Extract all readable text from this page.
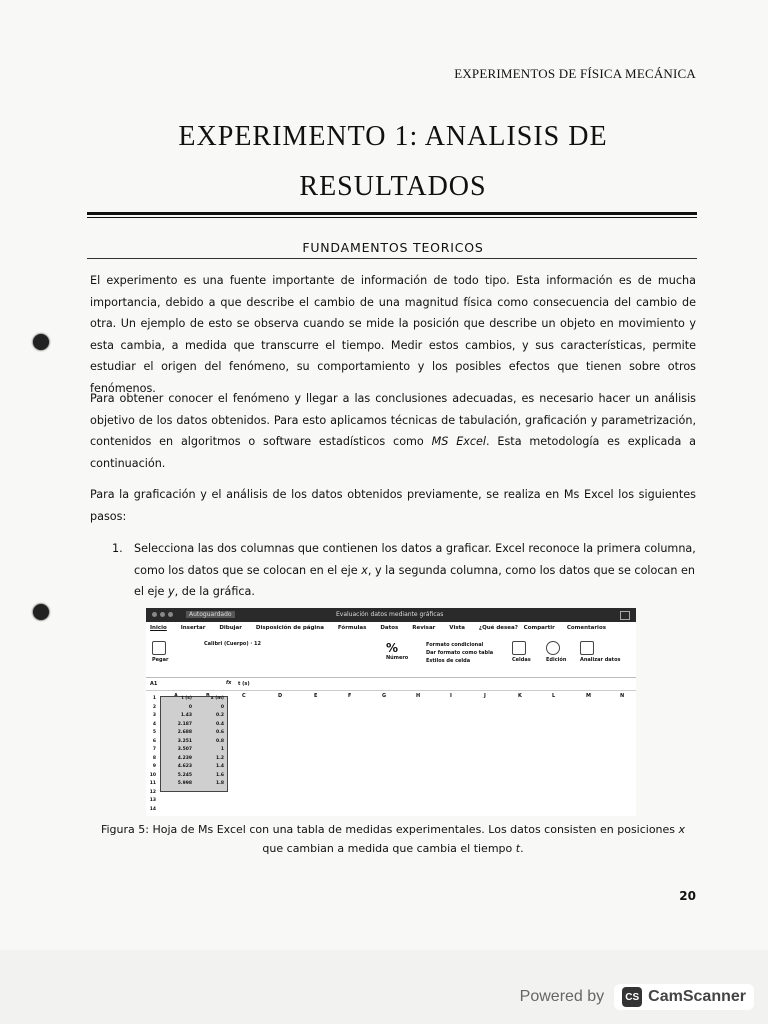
EXPERIMENTOS DE FÍSICA MECÁNICA
EXPERIMENTO 1: ANALISIS DE
RESULTADOS
FUNDAMENTOS TEORICOS

El experimento es una fuente importante de información de todo tipo. Esta información es de mucha importancia, debido a que describe el cambio de una magnitud física como consecuencia del cambio de otra. Un ejemplo de esto se observa cuando se mide la posición que describe un objeto en movimiento y esta cambia, a medida que transcurre el tiempo. Medir estos cambios, y sus características, permite estudiar el origen del fenómeno, su comportamiento y los posibles efectos que tienen sobre otros fenómenos.

Para obtener conocer el fenómeno y llegar a las conclusiones adecuadas, es necesario hacer un análisis objetivo de los datos obtenidos. Para esto aplicamos técnicas de tabulación, graficación y parametrización, contenidos en algoritmos o software estadísticos como MS Excel. Esta metodología es explicada a continuación.

Para la graficación y el análisis de los datos obtenidos previamente, se realiza en Ms Excel los siguientes pasos:

1. Selecciona las dos columnas que contienen los datos a graficar. Excel reconoce la primera columna, como los datos que se colocan en el eje x, y la segunda columna, como los datos que se colocan en el eje y, de la gráfica.
Autoguardado	Evaluación datos mediante gráficas
Inicio	Insertar	Dibujar	Disposición de página	Fórmulas	Datos	Revisar	Vista	¿Qué desea? Compartir Comentarios
Pegar
Calibri (Cuerpo) · 12	%
Número
Formato condicional
Dar formato como tabla
Estilos de celda	Celdas	Edición	Analizar datos
A1	fx t (s)
C	D	E	F	G	H	I	J	K	L	M	N
1	t (s)	x (m)
2	0	0
3	1.43	0.2
4	2.187	0.4
5	2.688	0.6
6	3.251	0.8
7	3.507	1
8	4.239	1.2
9	4.623	1.4
10	5.245	1.6
11	5.998	1.8
12
13
14
Figura 5: Hoja de Ms Excel con una tabla de medidas experimentales. Los datos consisten en posiciones x que cambian a medida que cambia el tiempo t.
20
Powered by	CS CamScanner
